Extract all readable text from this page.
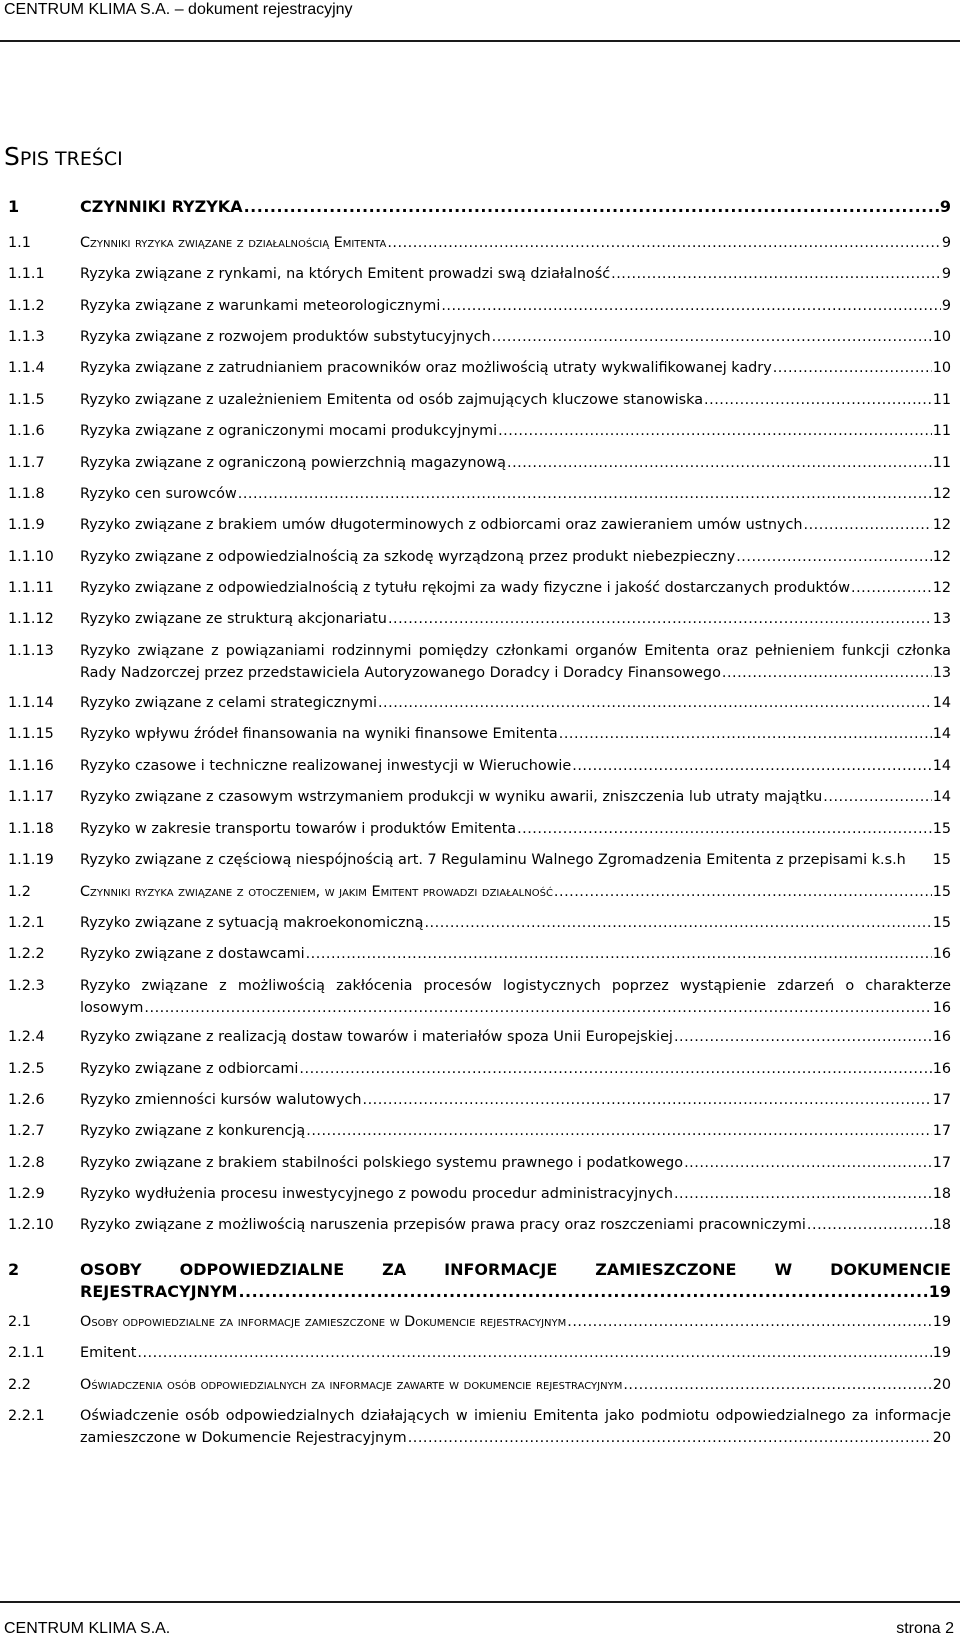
CENTRUM KLIMA S.A. – dokument rejestracyjny
SPIS TREŚCI
1	CZYNNIKI RYZYKA .....	9
1.1	Czynniki ryzyka związane z działalnością Emitenta .....	9
1.1.1 Ryzyka związane z rynkami, na których Emitent prowadzi swą działalność .....	9
1.1.2 Ryzyka związane z warunkami meteorologicznymi .....	9
1.1.3 Ryzyka związane z rozwojem produktów substytucyjnych .....	10
1.1.4 Ryzyka związane z zatrudnianiem pracowników oraz możliwością utraty wykwalifikowanej kadry .....	10
1.1.5 Ryzyko związane z uzależnieniem Emitenta od osób zajmujących kluczowe stanowiska .....	11
1.1.6 Ryzyka związane z ograniczonymi mocami produkcyjnymi .....	11
1.1.7 Ryzyka związane z ograniczoną powierzchnią magazynową .....	11
1.1.8 Ryzyko cen surowców .....	12
1.1.9 Ryzyko związane z brakiem umów długoterminowych z odbiorcami oraz zawieraniem umów ustnych .....	12
1.1.10 Ryzyko związane z odpowiedzialnością za szkodę wyrządzoną przez produkt niebezpieczny .....	12
1.1.11 Ryzyko związane z odpowiedzialnością z tytułu rękojmi za wady fizyczne i jakość dostarczanych produktów .....	12
1.1.12 Ryzyko związane ze strukturą akcjonariatu .....	13
1.1.13 Ryzyko związane z powiązaniami rodzinnymi pomiędzy członkami organów Emitenta oraz pełnieniem funkcji członka
Rady Nadzorczej przez przedstawiciela Autoryzowanego Doradcy i Doradcy Finansowego .....	13
1.1.14 Ryzyko związane z celami strategicznymi .....	14
1.1.15 Ryzyko wpływu źródeł finansowania na wyniki finansowe Emitenta .....	14
1.1.16 Ryzyko czasowe i techniczne realizowanej inwestycji w Wieruchowie .....	14
1.1.17 Ryzyko związane z czasowym wstrzymaniem produkcji w wyniku awarii, zniszczenia lub utraty majątku .....	14
1.1.18 Ryzyko w zakresie transportu towarów i produktów Emitenta .....	15
1.1.19 Ryzyko związane z częściową niespójnością art. 7 Regulaminu Walnego Zgromadzenia Emitenta z przepisami k.s.h 15
1.2	Czynniki ryzyka związane z otoczeniem, w jakim Emitent prowadzi działalność .....	15
1.2.1 Ryzyko związane z sytuacją makroekonomiczną .....	15
1.2.2 Ryzyko związane z dostawcami .....	16
1.2.3 Ryzyko związane z możliwością zakłócenia procesów logistycznych poprzez wystąpienie zdarzeń o charakterze
losowym .....	16
1.2.4 Ryzyko związane z realizacją dostaw towarów i materiałów spoza Unii Europejskiej .....	16
1.2.5 Ryzyko związane z odbiorcami .....	16
1.2.6 Ryzyko zmienności kursów walutowych .....	17
1.2.7 Ryzyko związane z konkurencją .....	17
1.2.8 Ryzyko związane z brakiem stabilności polskiego systemu prawnego i podatkowego .....	17
1.2.9 Ryzyko wydłużenia procesu inwestycyjnego z powodu procedur administracyjnych .....	18
1.2.10 Ryzyko związane z możliwością naruszenia przepisów prawa pracy oraz roszczeniami pracowniczymi .....	18
2	OSOBY ODPOWIEDZIALNE ZA INFORMACJE ZAMIESZCZONE W DOKUMENCIE
REJESTRACYJNYM .....	19
2.1	Osoby odpowiedzialne za informacje zamieszczone w Dokumencie rejestracyjnym .....	19
2.1.1 Emitent .....	19
2.2	Oświadczenia osób odpowiedzialnych za informacje zawarte w dokumencie rejestracyjnym .....	20
2.2.1 Oświadczenie osób odpowiedzialnych działających w imieniu Emitenta jako podmiotu odpowiedzialnego za informacje
zamieszczone w Dokumencie Rejestracyjnym .....	20
CENTRUM KLIMA S.A.	strona 2
